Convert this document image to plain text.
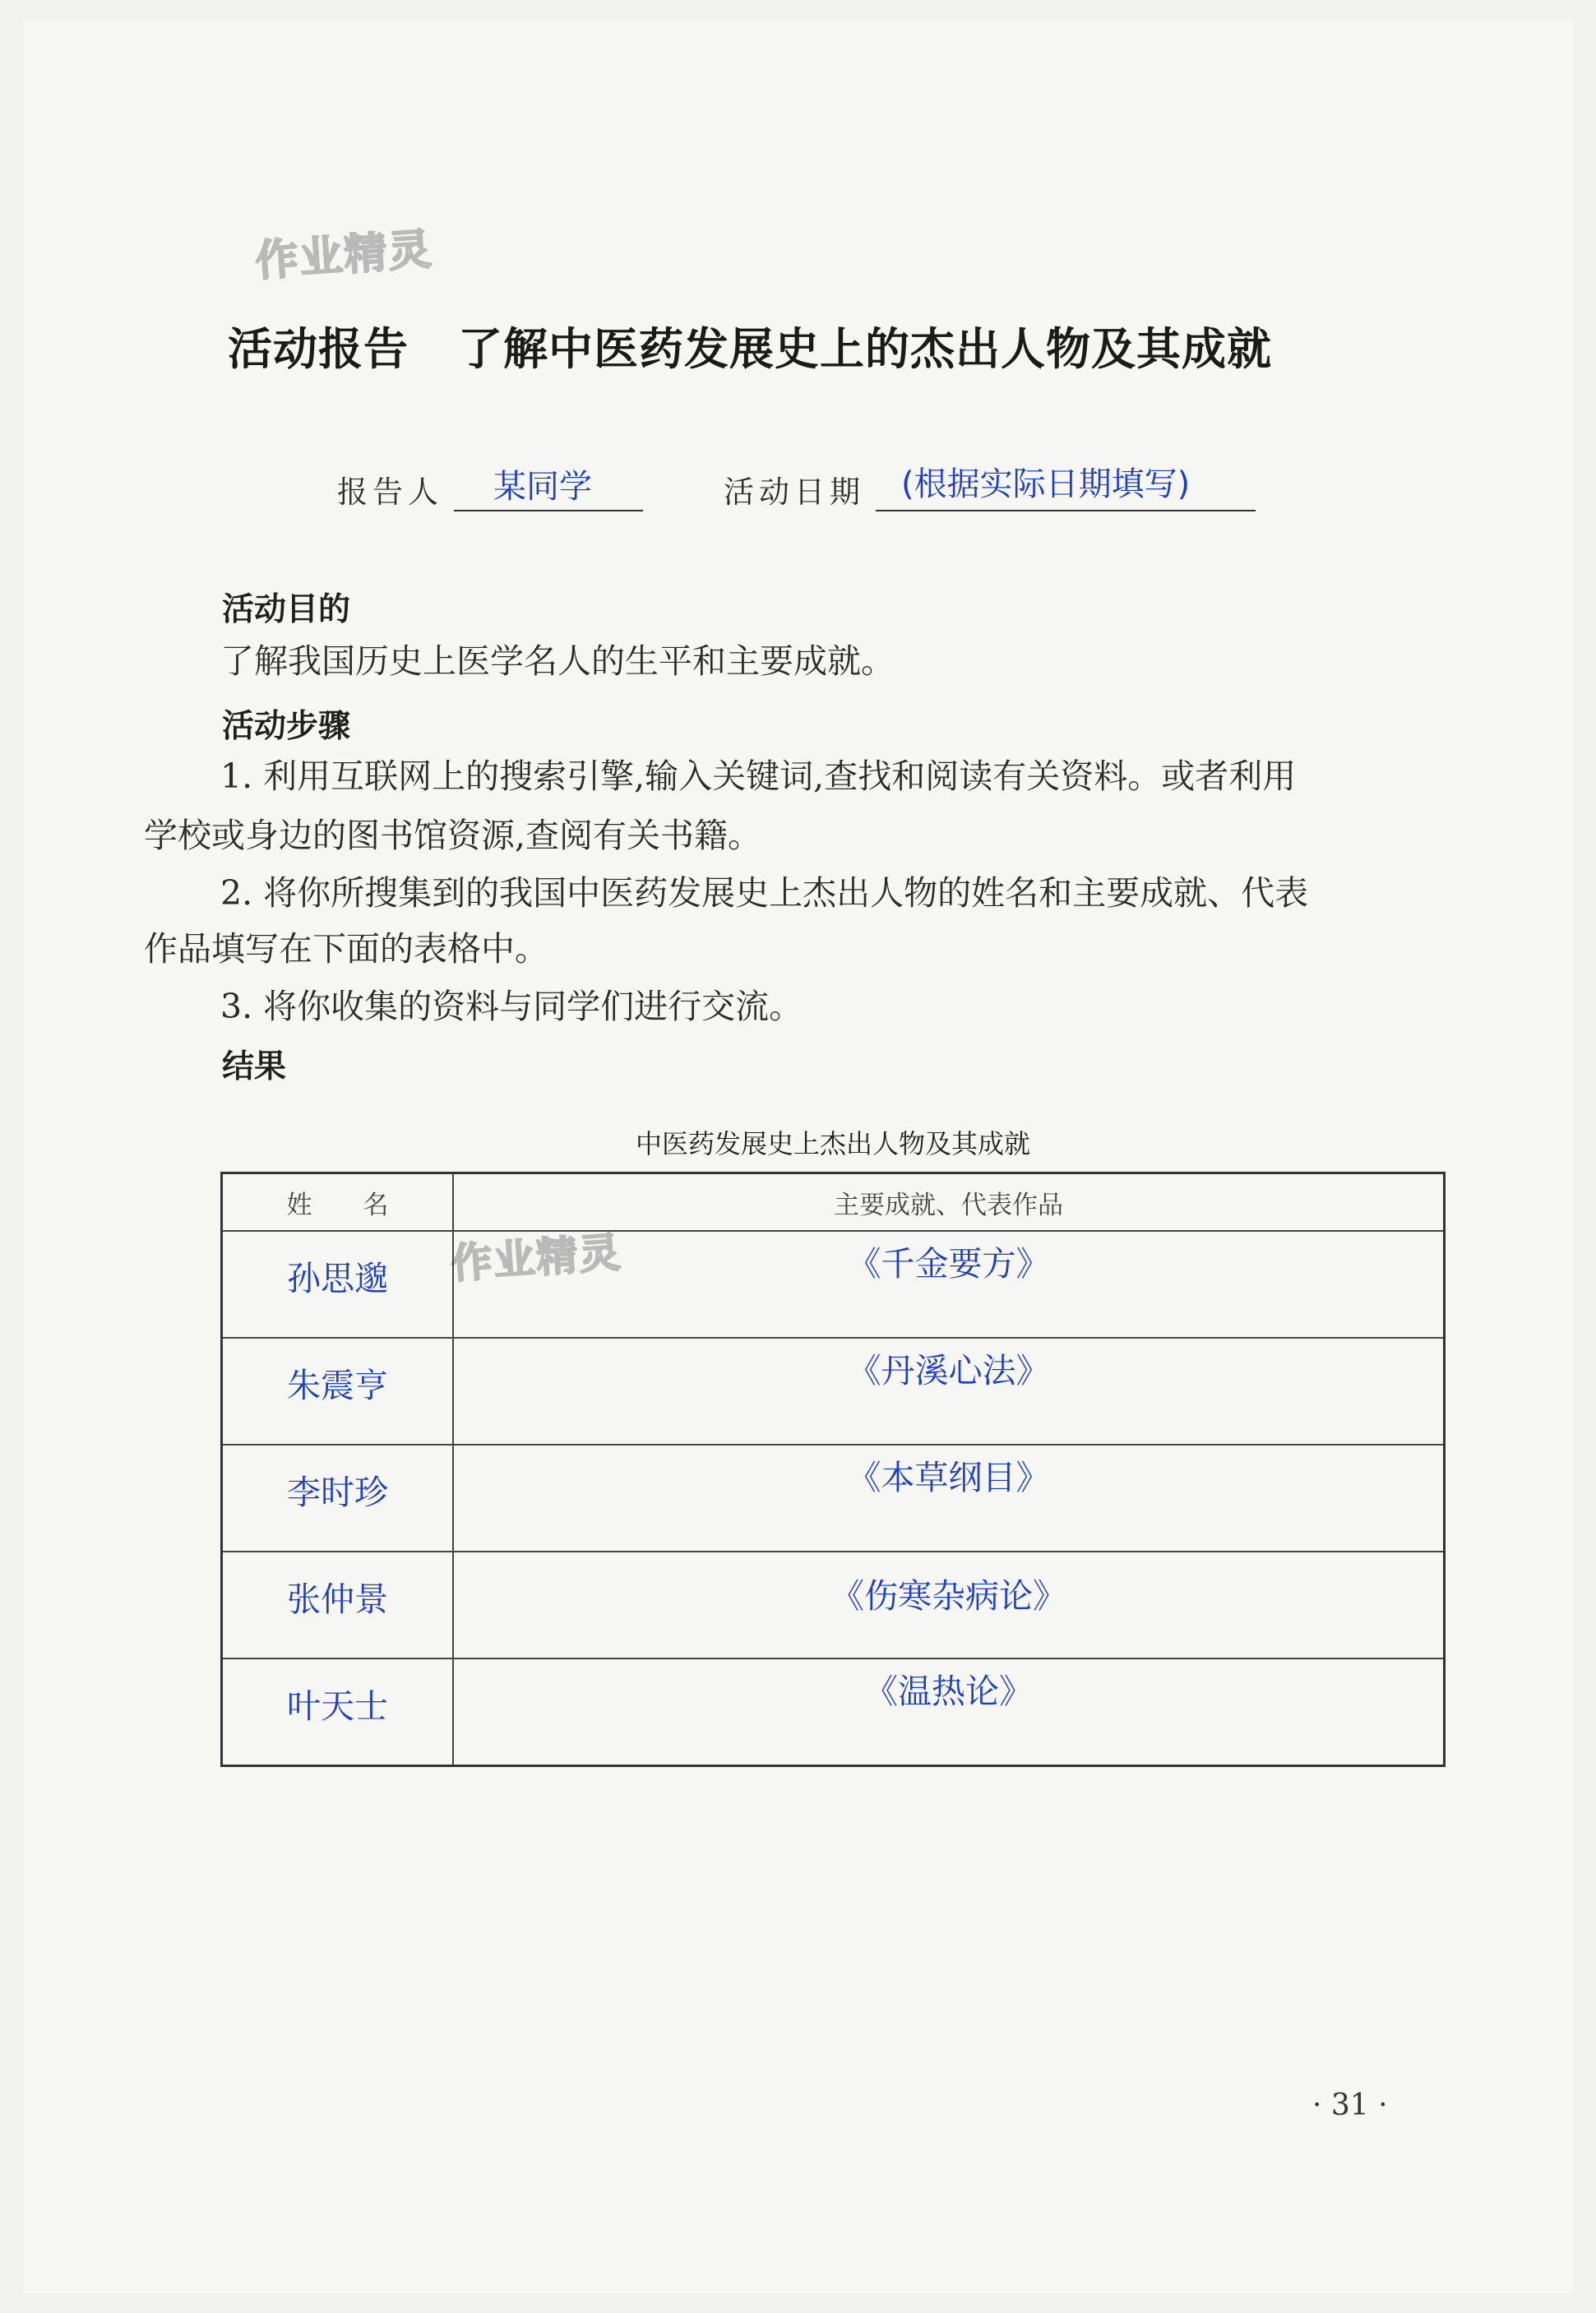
作业精灵
作业精灵
活动报告 了解中医药发展史上的杰出人物及其成就
报告人 某同学	活动日期 (根据实际日期填写)
活动目的
了解我国历史上医学名人的生平和主要成就。
活动步骤
1. 利用互联网上的搜索引擎,输入关键词,查找和阅读有关资料。或者利用
学校或身边的图书馆资源,查阅有关书籍。
2. 将你所搜集到的我国中医药发展史上杰出人物的姓名和主要成就、代表
作品填写在下面的表格中。
3. 将你收集的资料与同学们进行交流。
结果
中医药发展史上杰出人物及其成就
姓　　名	主要成就、代表作品
孙思邈	《千金要方》
朱震亨	《丹溪心法》
李时珍	《本草纲目》
张仲景	《伤寒杂病论》
叶天士	《温热论》
· 31 ·
